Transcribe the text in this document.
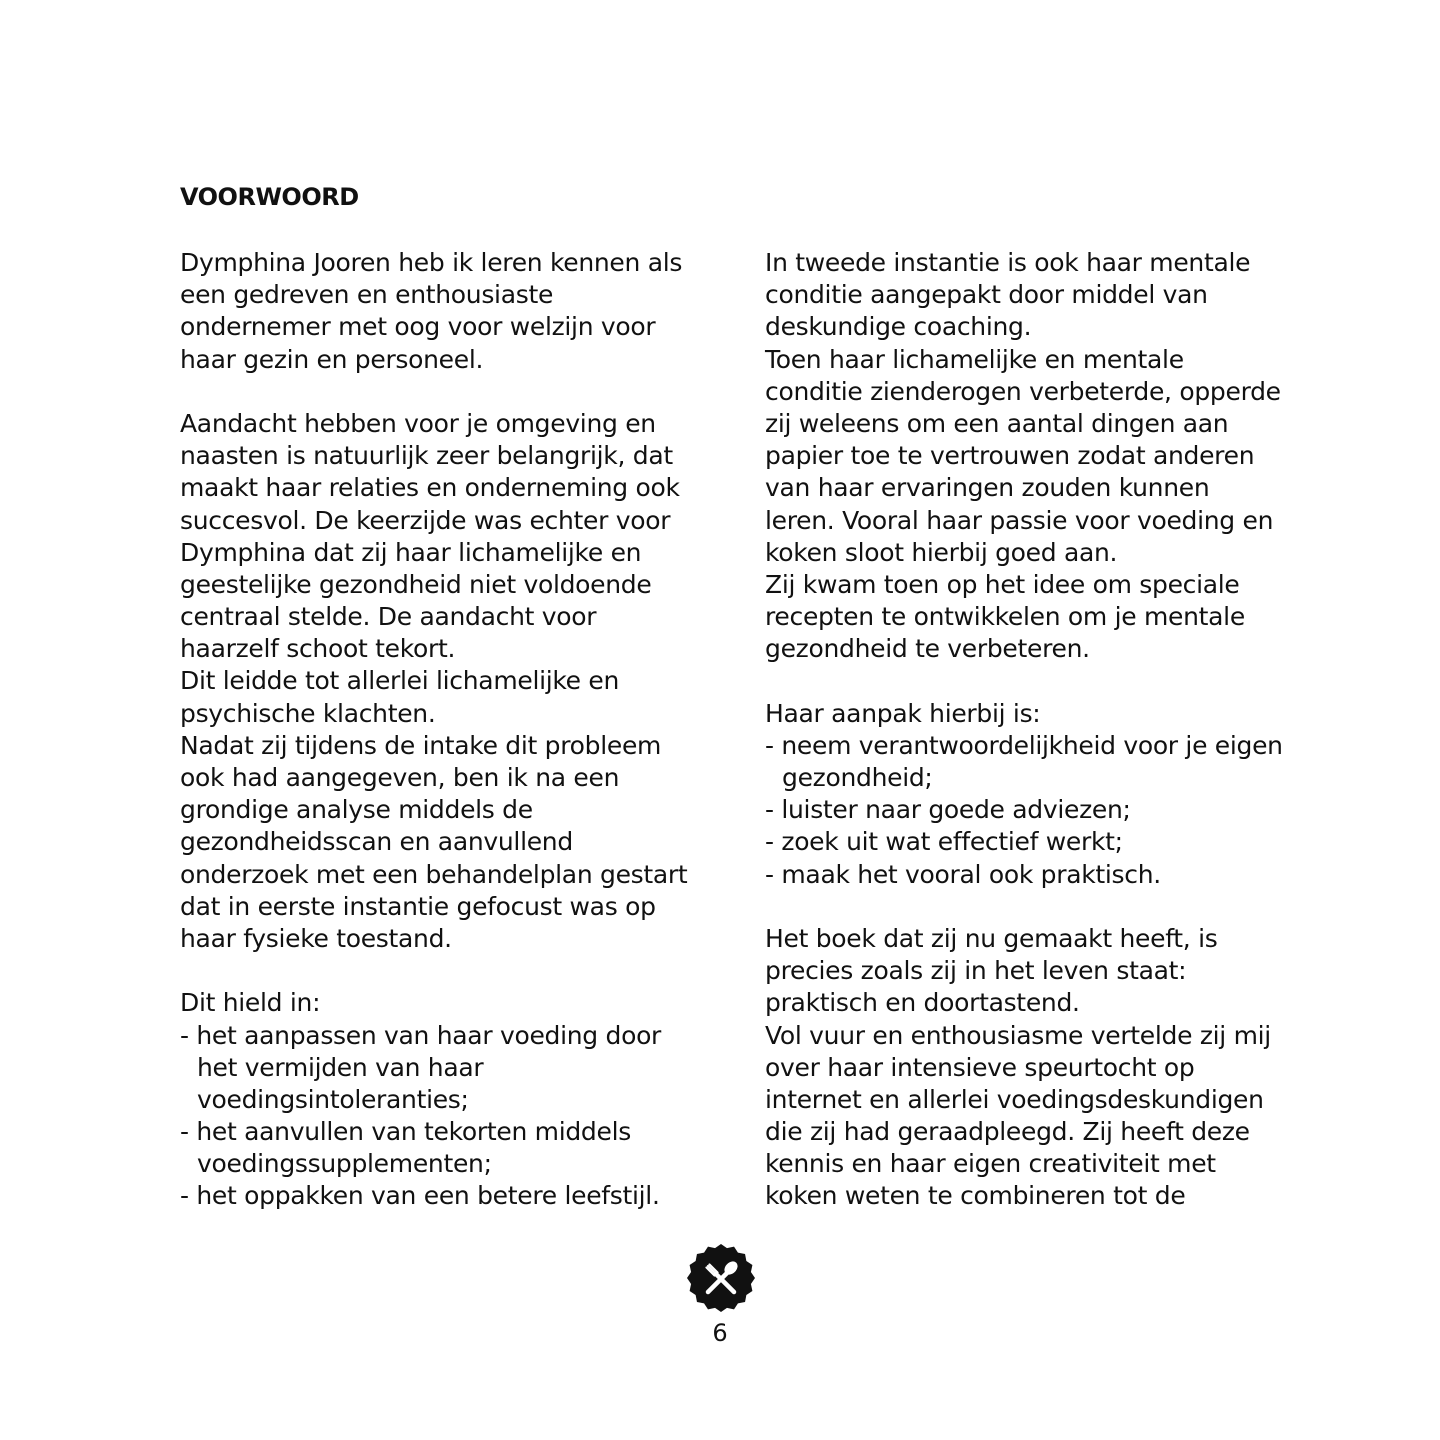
VOORWOORD
Dymphina Jooren heb ik leren kennen als
een gedreven en enthousiaste
ondernemer met oog voor welzijn voor
haar gezin en personeel.
Aandacht hebben voor je omgeving en
naasten is natuurlijk zeer belangrijk, dat
maakt haar relaties en onderneming ook
succesvol. De keerzijde was echter voor
Dymphina dat zij haar lichamelijke en
geestelijke gezondheid niet voldoende
centraal stelde. De aandacht voor
haarzelf schoot tekort.
Dit leidde tot allerlei lichamelijke en
psychische klachten.
Nadat zij tijdens de intake dit probleem
ook had aangegeven, ben ik na een
grondige analyse middels de
gezondheidsscan en aanvullend
onderzoek met een behandelplan gestart
dat in eerste instantie gefocust was op
haar fysieke toestand.
Dit hield in:
- het aanpassen van haar voeding door
het vermijden van haar
voedingsintoleranties;
- het aanvullen van tekorten middels
voedingssupplementen;
- het oppakken van een betere leefstijl.
In tweede instantie is ook haar mentale
conditie aangepakt door middel van
deskundige coaching.
Toen haar lichamelijke en mentale
conditie zienderogen verbeterde, opperde
zij weleens om een aantal dingen aan
papier toe te vertrouwen zodat anderen
van haar ervaringen zouden kunnen
leren. Vooral haar passie voor voeding en
koken sloot hierbij goed aan.
Zij kwam toen op het idee om speciale
recepten te ontwikkelen om je mentale
gezondheid te verbeteren.
Haar aanpak hierbij is:
- neem verantwoordelijkheid voor je eigen
gezondheid;
- luister naar goede adviezen;
- zoek uit wat effectief werkt;
- maak het vooral ook praktisch.
Het boek dat zij nu gemaakt heeft, is
precies zoals zij in het leven staat:
praktisch en doortastend.
Vol vuur en enthousiasme vertelde zij mij
over haar intensieve speurtocht op
internet en allerlei voedingsdeskundigen
die zij had geraadpleegd. Zij heeft deze
kennis en haar eigen creativiteit met
koken weten te combineren tot de
6
